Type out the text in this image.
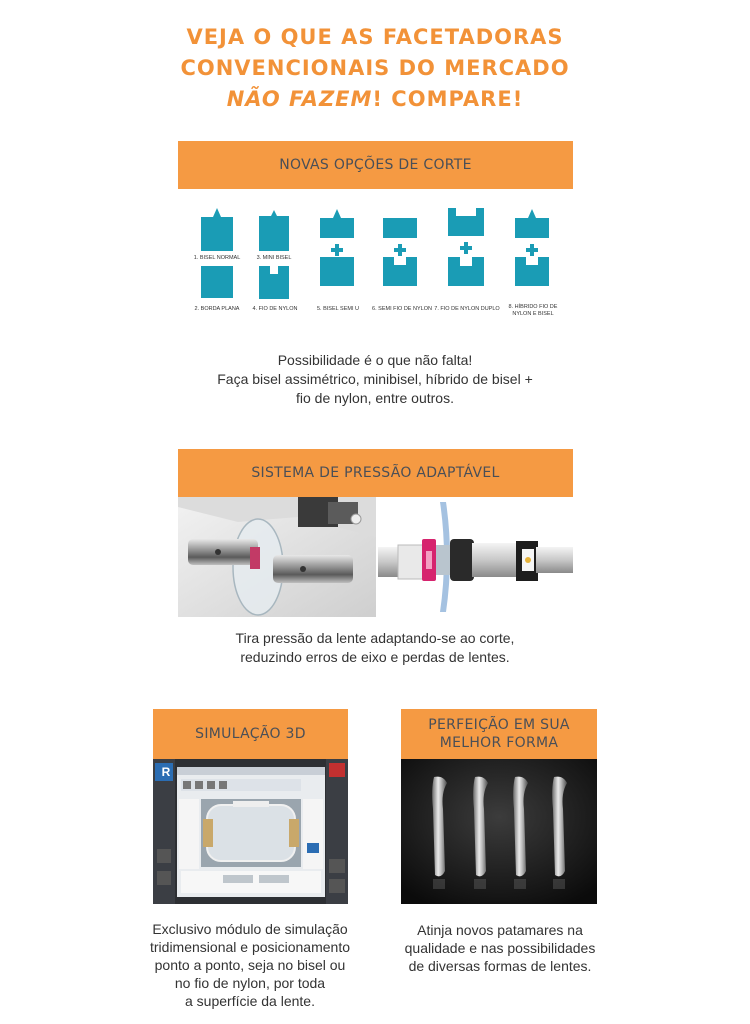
VEJA O QUE AS FACETADORAS
CONVENCIONAIS DO MERCADO
NÃO FAZEM! COMPARE!
NOVAS OPÇÕES DE CORTE
1. BISEL NORMAL
2. BORDA PLANA
3. MINI BISEL
4. FIO DE NYLON	5. BISEL SEMI U	6. SEMI FIO DE NYLON 7. FIO DE NYLON DUPLO	8. HÍBRIDO FIO DE NYLON E BISEL
Possibilidade é o que não falta!
Faça bisel assimétrico, minibisel, híbrido de bisel +
fio de nylon, entre outros.
SISTEMA DE PRESSÃO ADAPTÁVEL
Tira pressão da lente adaptando-se ao corte,
reduzindo erros de eixo e perdas de lentes.
SIMULAÇÃO 3D
R
Exclusivo módulo de simulação
tridimensional e posicionamento
ponto a ponto, seja no bisel ou
no fio de nylon, por toda
a superfície da lente.
PERFEIÇÃO EM SUA MELHOR FORMA
Atinja novos patamares na
qualidade e nas possibilidades
de diversas formas de lentes.
